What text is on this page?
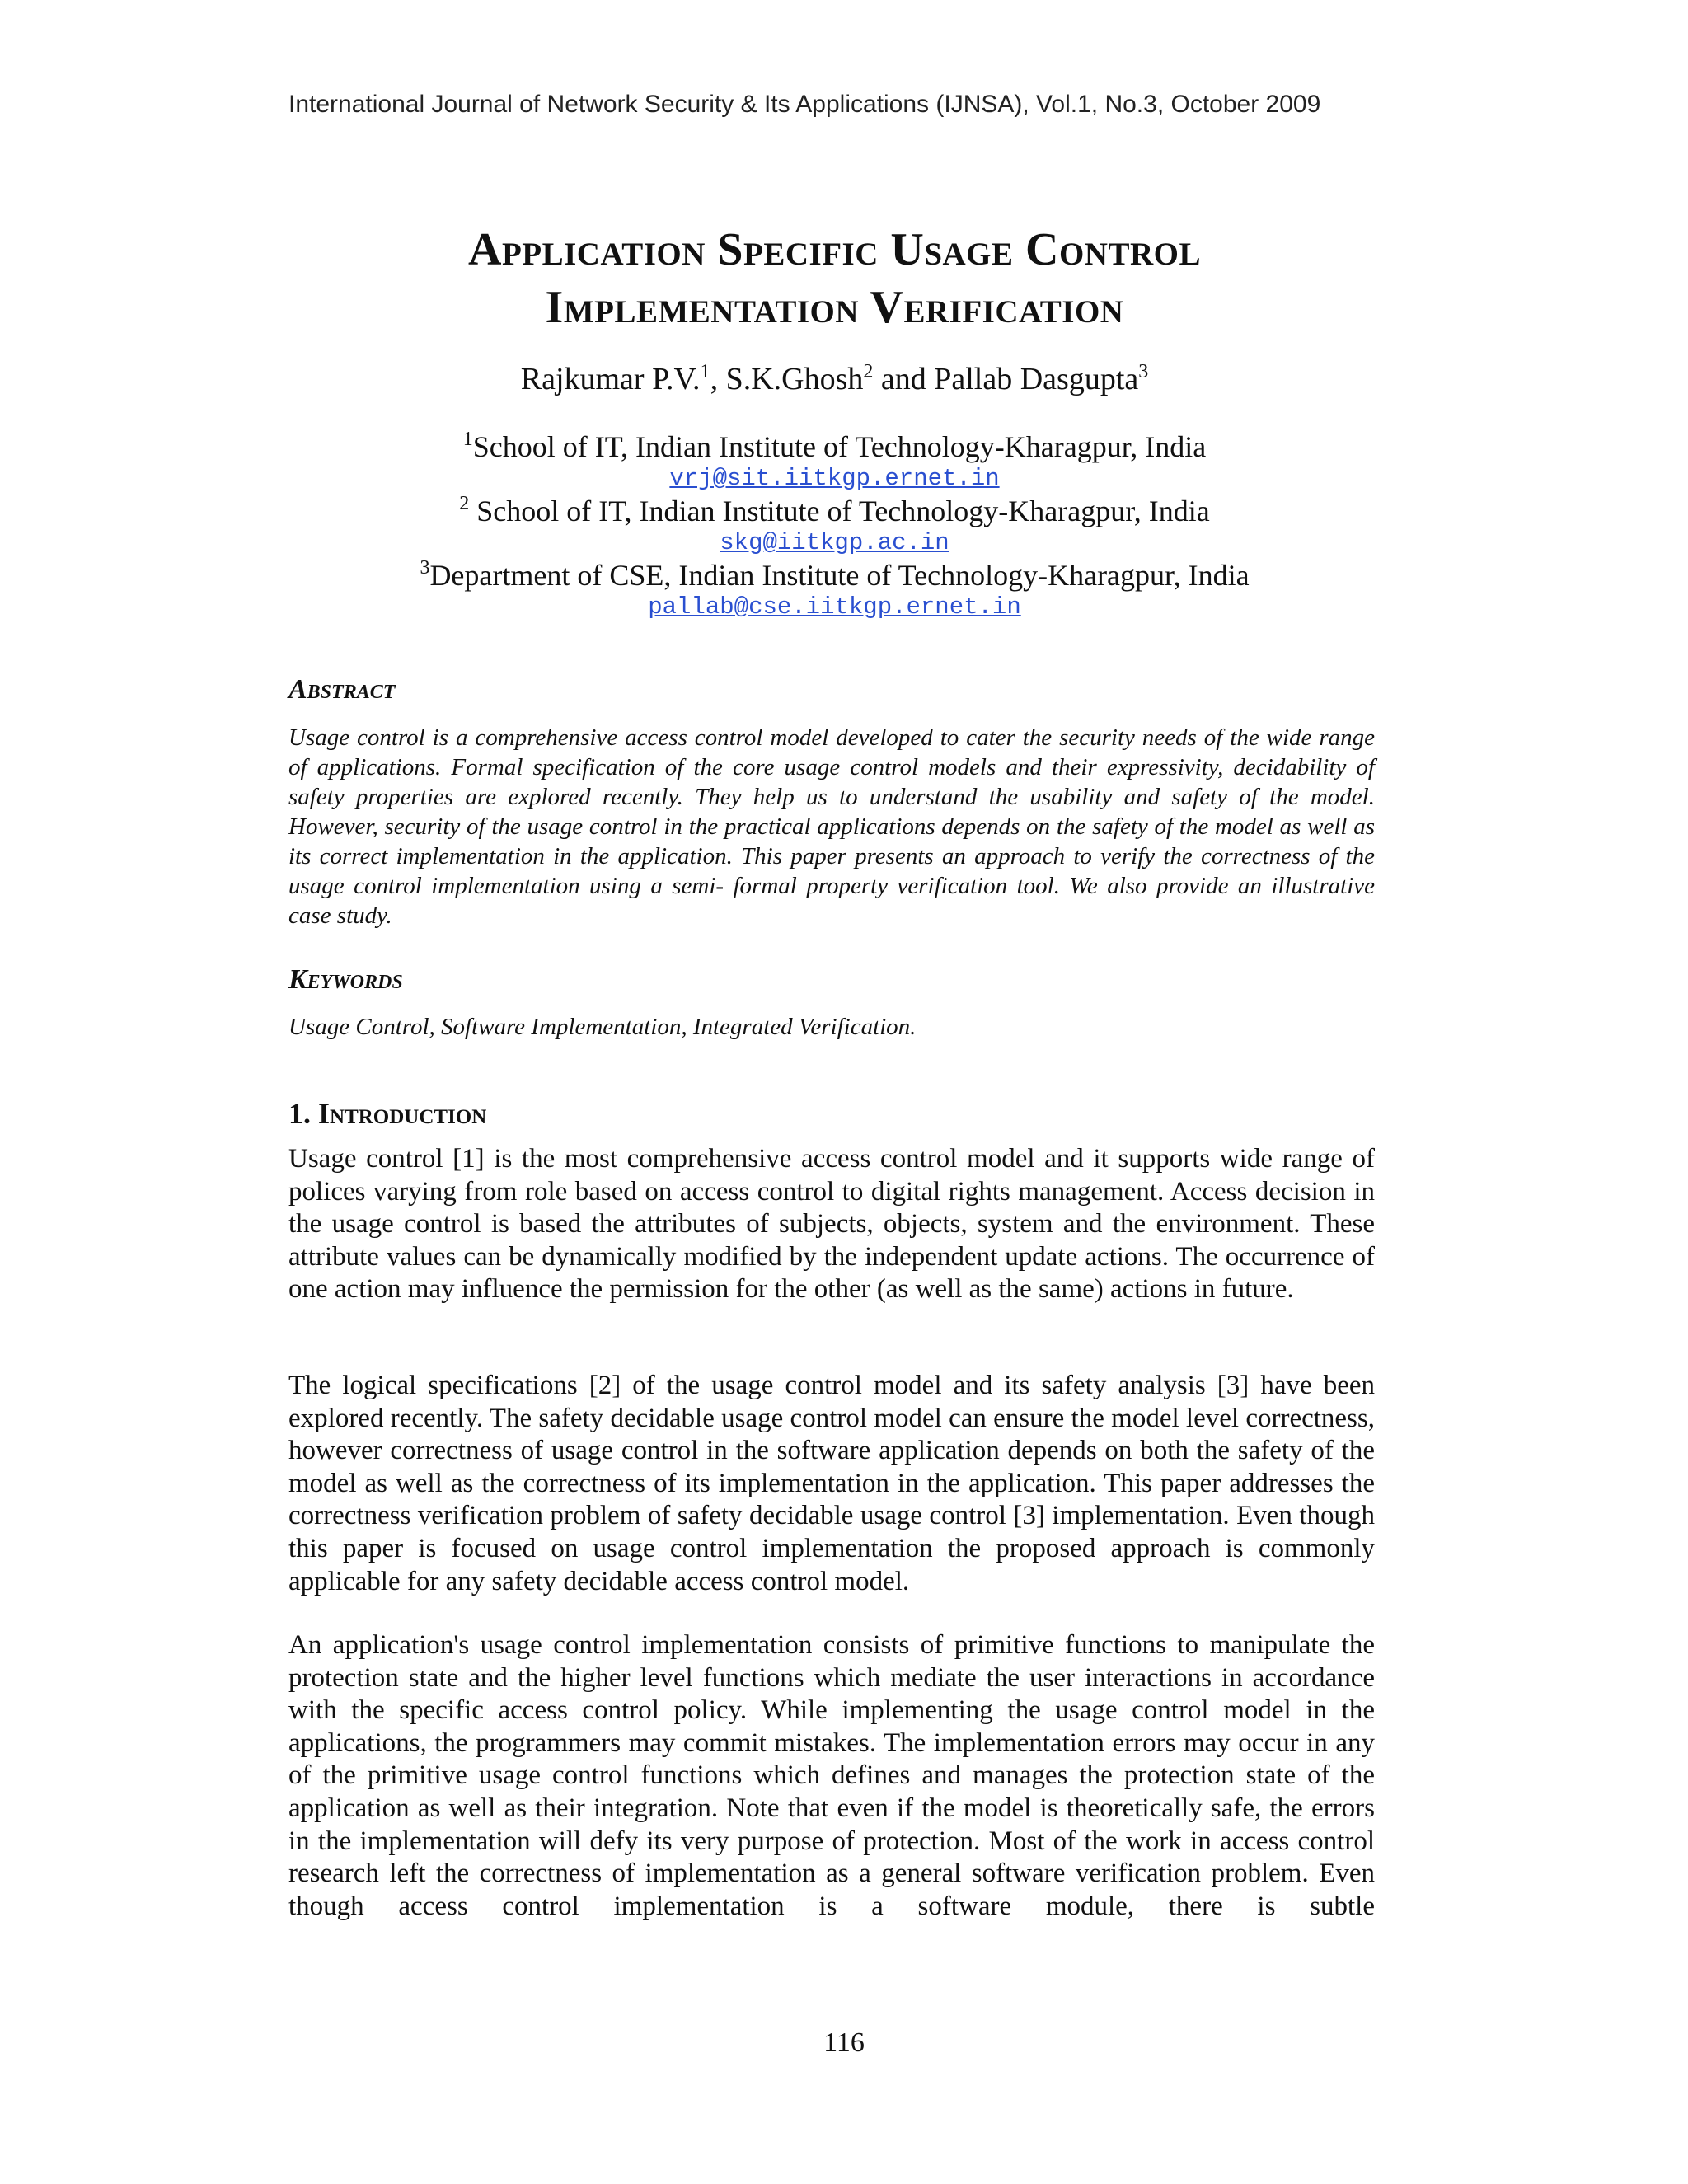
International Journal of Network Security & Its Applications (IJNSA), Vol.1, No.3, October 2009
Application Specific Usage Control
Implementation Verification
Rajkumar P.V.$^1$, S.K.Ghosh$^2$ and Pallab Dasgupta$^3$
$^1$School of IT, Indian Institute of Technology-Kharagpur, India
vrj@sit.iitkgp.ernet.in
$^2$ School of IT, Indian Institute of Technology-Kharagpur, India
skg@iitkgp.ac.in
$^3$Department of CSE, Indian Institute of Technology-Kharagpur, India
pallab@cse.iitkgp.ernet.in
Abstract
Usage control is a comprehensive access control model developed to cater the security needs of the wide range of applications. Formal specification of the core usage control models and their expressivity, decidability of safety properties are explored recently. They help us to understand the usability and safety of the model. However, security of the usage control in the practical applications depends on the safety of the model as well as its correct implementation in the application. This paper presents an approach to verify the correctness of the usage control implementation using a semi- formal property verification tool. We also provide an illustrative case study.
Keywords
Usage Control, Software Implementation, Integrated Verification.
1. Introduction
Usage control [1] is the most comprehensive access control model and it supports wide range of polices varying from role based on access control to digital rights management. Access decision in the usage control is based the attributes of subjects, objects, system and the environment. These attribute values can be dynamically modified by the independent update actions. The occurrence of one action may influence the permission for the other (as well as the same) actions in future.
The logical specifications [2] of the usage control model and its safety analysis [3] have been explored recently. The safety decidable usage control model can ensure the model level correctness, however correctness of usage control in the software application depends on both the safety of the model as well as the correctness of its implementation in the application. This paper addresses the correctness verification problem of safety decidable usage control [3] implementation. Even though this paper is focused on usage control implementation the proposed approach is commonly applicable for any safety decidable access control model.
An application's usage control implementation consists of primitive functions to manipulate the protection state and the higher level functions which mediate the user interactions in accordance with the specific access control policy. While implementing the usage control model in the applications, the programmers may commit mistakes. The implementation errors may occur in any of the primitive usage control functions which defines and manages the protection state of the application as well as their integration. Note that even if the model is theoretically safe, the errors in the implementation will defy its very purpose of protection. Most of the work in access control research left the correctness of implementation as a general software verification problem. Even though access control implementation is a software module, there is subtle
116
